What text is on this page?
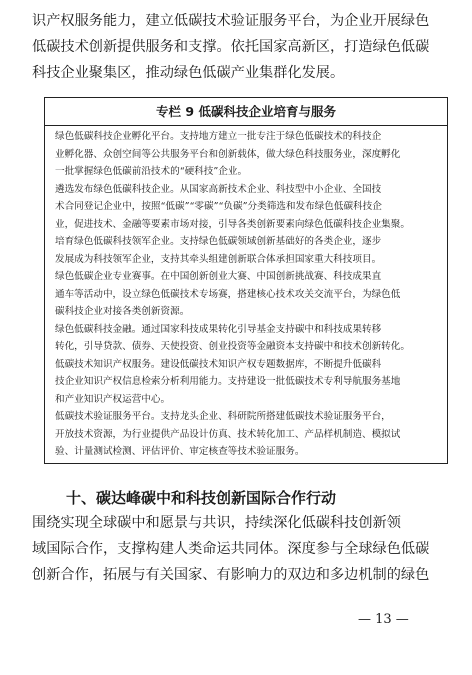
识产权服务能力，建立低碳技术验证服务平台，为企业开展绿色
低碳技术创新提供服务和支撑。依托国家高新区，打造绿色低碳
科技企业聚集区，推动绿色低碳产业集群化发展。
专栏 9 低碳科技企业培育与服务
绿色低碳科技企业孵化平台。支持地方建立一批专注于绿色低碳技术的科技企
业孵化器、众创空间等公共服务平台和创新载体，做大绿色科技服务业，深度孵化
一批掌握绿色低碳前沿技术的“硬科技”企业。
遴选发布绿色低碳科技企业。从国家高新技术企业、科技型中小企业、全国技
术合同登记企业中，按照“低碳”“零碳”“负碳”分类筛选和发布绿色低碳科技企
业，促进技术、金融等要素市场对接，引导各类创新要素向绿色低碳科技企业集聚。
培育绿色低碳科技领军企业。支持绿色低碳领域创新基础好的各类企业，逐步
发展成为科技领军企业，支持其牵头组建创新联合体承担国家重大科技项目。
绿色低碳企业专业赛事。在中国创新创业大赛、中国创新挑战赛、科技成果直
通车等活动中，设立绿色低碳技术专场赛，搭建核心技术攻关交流平台，为绿色低
碳科技企业对接各类创新资源。
绿色低碳科技金融。通过国家科技成果转化引导基金支持碳中和科技成果转移
转化，引导贷款、债券、天使投资、创业投资等金融资本支持碳中和技术创新转化。
低碳技术知识产权服务。建设低碳技术知识产权专题数据库，不断提升低碳科
技企业知识产权信息检索分析利用能力。支持建设一批低碳技术专利导航服务基地
和产业知识产权运营中心。
低碳技术验证服务平台。支持龙头企业、科研院所搭建低碳技术验证服务平台，
开放技术资源，为行业提供产品设计仿真、技术转化加工、产品样机制造、模拟试
验、计量测试检测、评估评价、审定核查等技术验证服务。
十、碳达峰碳中和科技创新国际合作行动
围绕实现全球碳中和愿景与共识，持续深化低碳科技创新领
域国际合作，支撑构建人类命运共同体。深度参与全球绿色低碳
创新合作，拓展与有关国家、有影响力的双边和多边机制的绿色
— 13 —
